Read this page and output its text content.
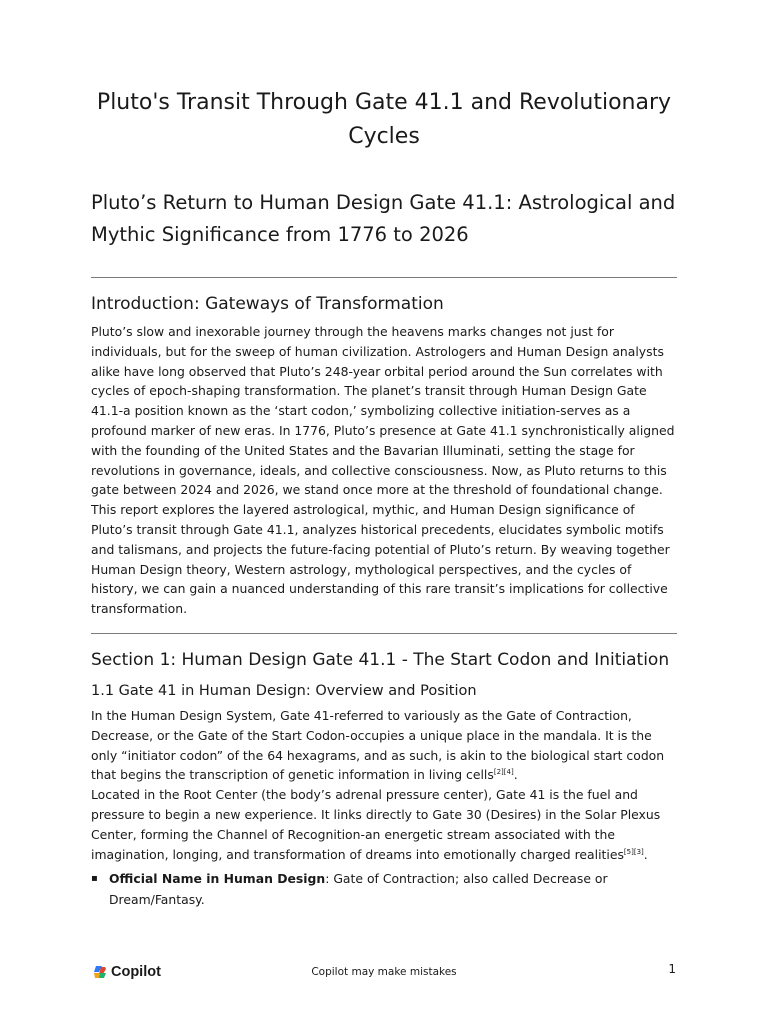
Pluto's Transit Through Gate 41.1 and Revolutionary Cycles
Pluto’s Return to Human Design Gate 41.1: Astrological and Mythic Significance from 1776 to 2026
Introduction: Gateways of Transformation

Pluto’s slow and inexorable journey through the heavens marks changes not just for individuals, but for the sweep of human civilization. Astrologers and Human Design analysts alike have long observed that Pluto’s 248-year orbital period around the Sun correlates with cycles of epoch-shaping transformation. The planet’s transit through Human Design Gate 41.1-a position known as the ‘start codon,’ symbolizing collective initiation-serves as a profound marker of new eras. In 1776, Pluto’s presence at Gate 41.1 synchronistically aligned with the founding of the United States and the Bavarian Illuminati, setting the stage for revolutions in governance, ideals, and collective consciousness. Now, as Pluto returns to this gate between 2024 and 2026, we stand once more at the threshold of foundational change.

This report explores the layered astrological, mythic, and Human Design significance of Pluto’s transit through Gate 41.1, analyzes historical precedents, elucidates symbolic motifs and talismans, and projects the future-facing potential of Pluto’s return. By weaving together Human Design theory, Western astrology, mythological perspectives, and the cycles of history, we can gain a nuanced understanding of this rare transit’s implications for collective transformation.

Section 1: Human Design Gate 41.1 - The Start Codon and Initiation
1.1 Gate 41 in Human Design: Overview and Position

In the Human Design System, Gate 41-referred to variously as the Gate of Contraction, Decrease, or the Gate of the Start Codon-occupies a unique place in the mandala. It is the only “initiator codon” of the 64 hexagrams, and as such, is akin to the biological start codon that begins the transcription of genetic information in living cells[2][4].

Located in the Root Center (the body’s adrenal pressure center), Gate 41 is the fuel and pressure to begin a new experience. It links directly to Gate 30 (Desires) in the Solar Plexus Center, forming the Channel of Recognition-an energetic stream associated with the imagination, longing, and transformation of dreams into emotionally charged realities[5][3].

▪ Official Name in Human Design: Gate of Contraction; also called Decrease or Dream/Fantasy.
Copilot	Copilot may make mistakes	1
